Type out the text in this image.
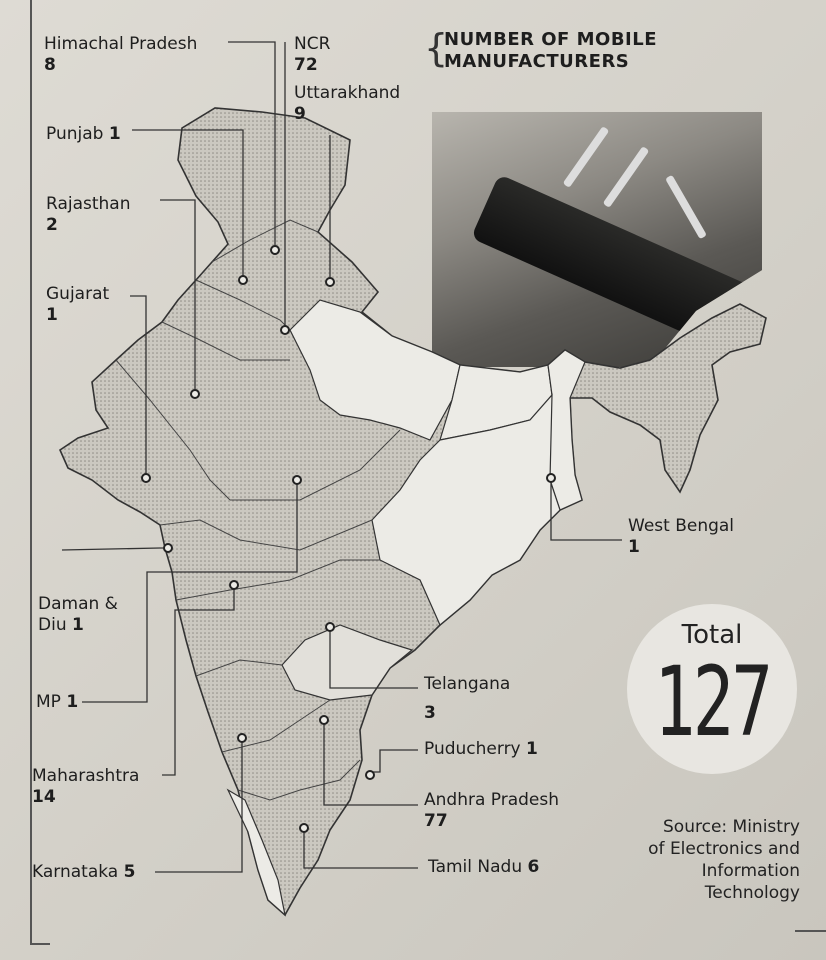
{
NUMBER OF MOBILE MANUFACTURERS
Himachal Pradesh
8
NCR
72
Uttarakhand
9
Punjab 1
Rajasthan
2
Gujarat
1
Daman &
Diu 1
MP 1
Maharashtra
14
Karnataka 5
West Bengal
1
Telangana
3
Puducherry 1
Andhra Pradesh
77
Tamil Nadu 6
Total
127
Source: Ministry
of Electronics and
Information
Technology
